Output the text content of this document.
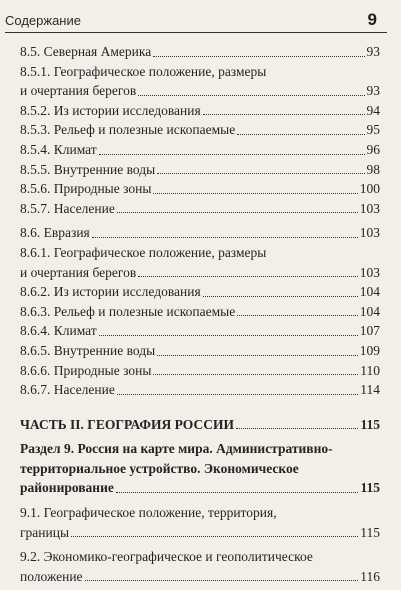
Содержание	9
8.5. Северная Америка	93
8.5.1. Географическое положение, размеры
и очертания берегов	93
8.5.2. Из истории исследования	94
8.5.3. Рельеф и полезные ископаемые	95
8.5.4. Климат	96
8.5.5. Внутренние воды	98
8.5.6. Природные зоны	100
8.5.7. Население	103
8.6. Евразия	103
8.6.1. Географическое положение, размеры
и очертания берегов	103
8.6.2. Из истории исследования	104
8.6.3. Рельеф и полезные ископаемые	104
8.6.4. Климат	107
8.6.5. Внутренние воды	109
8.6.6. Природные зоны	110
8.6.7. Население	114
ЧАСТЬ II. ГЕОГРАФИЯ РОССИИ	115
Раздел 9. Россия на карте мира. Административно-
территориальное устройство. Экономическое
районирование	115
9.1. Географическое положение, территория,
границы	115
9.2. Экономико-географическое и геополитическое
положение	116
